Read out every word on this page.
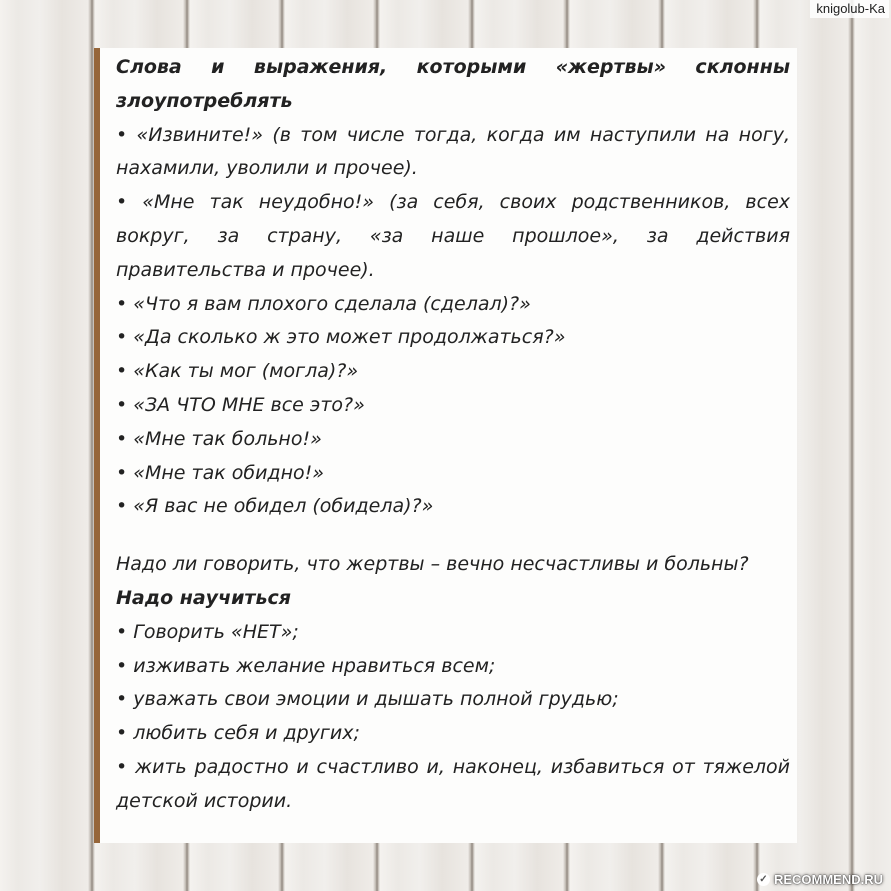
knigolub-Ka

Слова и выражения, которыми «жертвы» склонны злоупотреблять

• «Извините!» (в том числе тогда, когда им наступили на ногу, нахамили, уволили и прочее).

• «Мне так неудобно!» (за себя, своих родственников, всех вокруг, за страну, «за наше прошлое», за действия правительства и прочее).

• «Что я вам плохого сделала (сделал)?»

• «Да сколько ж это может продолжаться?»

• «Как ты мог (могла)?»

• «ЗА ЧТО МНЕ все это?»

• «Мне так больно!»

• «Мне так обидно!»

• «Я вас не обидел (обидела)?»

Надо ли говорить, что жертвы – вечно несчастливы и больны?

Надо научиться

• Говорить «НЕТ»;

• изживать желание нравиться всем;

• уважать свои эмоции и дышать полной грудью;

• любить себя и других;

• жить радостно и счастливо и, наконец, избавиться от тяжелой детской истории.

✓ RECOMMEND.RU
